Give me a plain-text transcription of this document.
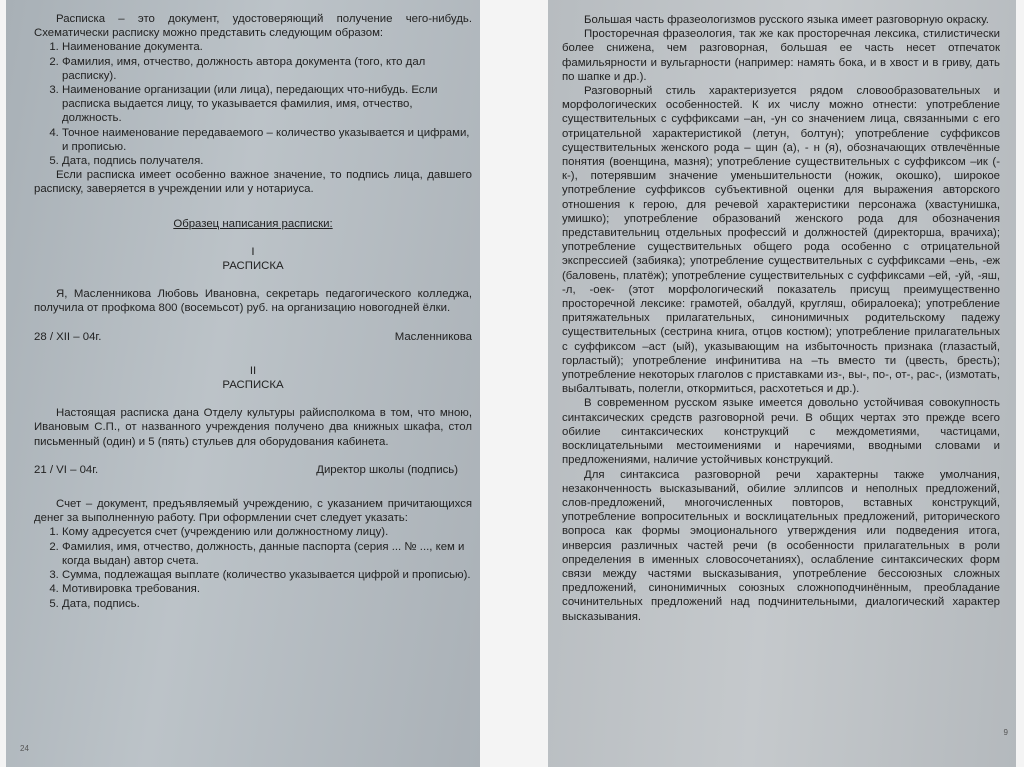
Расписка – это документ, удостоверяющий получение чего-нибудь. Схематически расписку можно представить следующим образом:

1. Наименование документа.
2. Фамилия, имя, отчество, должность автора документа (того, кто дал расписку).
3. Наименование организации (или лица), передающих что-нибудь. Если расписка выдается лицу, то указывается фамилия, имя, отчество, должность.
4. Точное наименование передаваемого – количество указывается и цифрами, и прописью.
5. Дата, подпись получателя.

Если расписка имеет особенно важное значение, то подпись лица, давшего расписку, заверяется в учреждении или у нотариуса.

Образец написания расписки:

I

РАСПИСКА

Я, Масленникова Любовь Ивановна, секретарь педагогического колледжа, получила от профкома 800 (восемьсот) руб. на организацию новогодней ёлки.

28 / XII – 04г.	Масленникова

II

РАСПИСКА

Настоящая расписка дана Отделу культуры райисполкома в том, что мною, Ивановым С.П., от названного учреждения получено два книжных шкафа, стол письменный (один) и 5 (пять) стульев для оборудования кабинета.

21 / VI – 04г.	Директор школы (подпись)

Счет – документ, предъявляемый учреждению, с указанием причитающихся денег за выполненную работу. При оформлении счет следует указать:

1. Кому адресуется счет (учреждению или должностному лицу).
2. Фамилия, имя, отчество, должность, данные паспорта (серия ... № ..., кем и когда выдан) автор счета.
3. Сумма, подлежащая выплате (количество указывается цифрой и прописью).
4. Мотивировка требования.
5. Дата, подпись.
24

Большая часть фразеологизмов русского языка имеет разговорную окраску.

Просторечная фразеология, так же как просторечная лексика, стилистически более снижена, чем разговорная, большая ее часть несет отпечаток фамильярности и вульгарности (например: намять бока, и в хвост и в гриву, дать по шапке и др.).

Разговорный стиль характеризуется рядом словообразовательных и морфологических особенностей. К их числу можно отнести: употребление существительных с суффиксами –ан, -ун со значением лица, связанными с его отрицательной характеристикой (летун, болтун); употребление суффиксов существительных женского рода – щин (а), - н (я), обозначающих отвлечённые понятия (военщина, мазня); употребление существительных с суффиксом –ик (-к-), потерявшим значение уменьшительности (ножик, окошко), широкое употребление суффиксов субъективной оценки для выражения авторского отношения к герою, для речевой характеристики персонажа (хвастунишка, умишко); употребление образований женского рода для обозначения представительниц отдельных профессий и должностей (директорша, врачиха); употребление существительных общего рода особенно с отрицательной экспрессией (забияка); употребление существительных с суффиксами –ень, -еж (баловень, платёж); употребление существительных с суффиксами –ей, -уй, -яш, -л, -оек- (этот морфологический показатель присущ преимущественно просторечной лексике: грамотей, обалдуй, кругляш, обиралоека); употребление притяжательных прилагательных, синонимичных родительскому падежу существительных (сестрина книга, отцов костюм); употребление прилагательных с суффиксом –аст (ый), указывающим на избыточность признака (глазастый, горластый); употребление инфинитива на –ть вместо ти (цвесть, бресть); употребление некоторых глаголов с приставками из-, вы-, по-, от-, рас-, (измотать, выбалтывать, полегли, откормиться, расхотеться и др.).

В современном русском языке имеется довольно устойчивая совокупность синтаксических средств разговорной речи. В общих чертах это прежде всего обилие синтаксических конструкций с междометиями, частицами, восклицательными местоимениями и наречиями, вводными словами и предложениями, наличие устойчивых конструкций.

Для синтаксиса разговорной речи характерны также умолчания, незаконченность высказываний, обилие эллипсов и неполных предложений, слов-предложений, многочисленных повторов, вставных конструкций, употребление вопросительных и восклицательных предложений, риторического вопроса как формы эмоционального утверждения или подведения итога, инверсия различных частей речи (в особенности прилагательных в роли определения в именных словосочетаниях), ослабление синтаксических форм связи между частями высказывания, употребление бессоюзных сложных предложений, синонимичных союзных сложноподчинённым, преобладание сочинительных предложений над подчинительными, диалогический характер высказывания.

9
